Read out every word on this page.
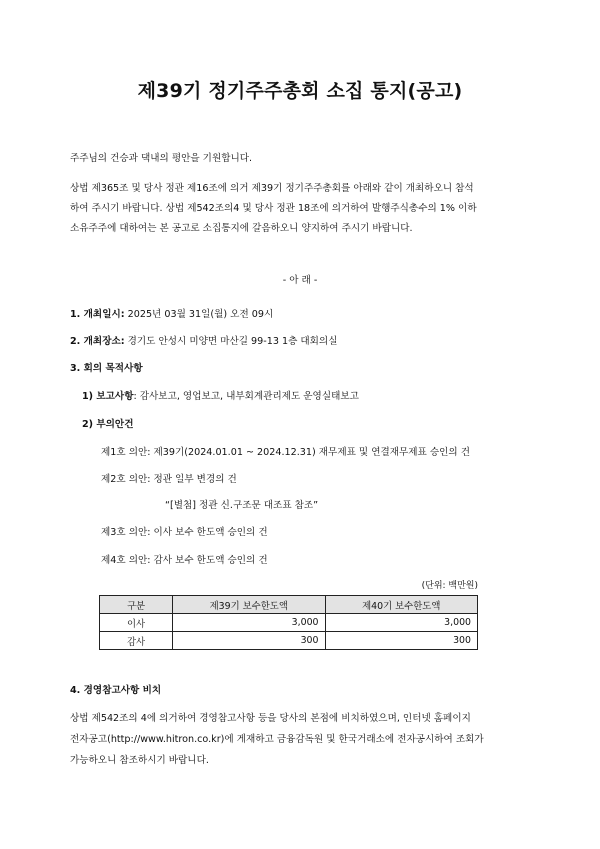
제39기 정기주주총회 소집 통지(공고)
주주님의 건승과 댁내의 평안을 기원합니다.
상법 제365조 및 당사 정관 제16조에 의거 제39기 정기주주총회를 아래와 같이 개최하오니 참석
하여 주시기 바랍니다. 상법 제542조의4 및 당사 정관 18조에 의거하여 발행주식총수의 1% 이하
소유주주에 대하여는 본 공고로 소집통지에 갈음하오니 양지하여 주시기 바랍니다.
- 아 래 -
1. 개최일시: 2025년 03월 31일(월) 오전 09시
2. 개최장소: 경기도 안성시 미양면 마산길 99-13 1층 대회의실
3. 회의 목적사항
1) 보고사항: 감사보고, 영업보고, 내부회계관리제도 운영실태보고
2) 부의안건
제1호 의안: 제39기(2024.01.01 ~ 2024.12.31) 재무제표 및 연결재무제표 승인의 건
제2호 의안: 정관 일부 변경의 건
“[별첨] 정관 신.구조문 대조표 참조”
제3호 의안: 이사 보수 한도액 승인의 건
제4호 의안: 감사 보수 한도액 승인의 건
(단위: 백만원)
구분	제39기 보수한도액	제40기 보수한도액
이사	3,000	3,000
감사	300	300
4. 경영참고사항 비치
상법 제542조의 4에 의거하여 경영참고사항 등을 당사의 본점에 비치하였으며, 인터넷 홈페이지
전자공고(http://www.hitron.co.kr)에 게재하고 금융감독원 및 한국거래소에 전자공시하여 조회가
가능하오니 참조하시기 바랍니다.
